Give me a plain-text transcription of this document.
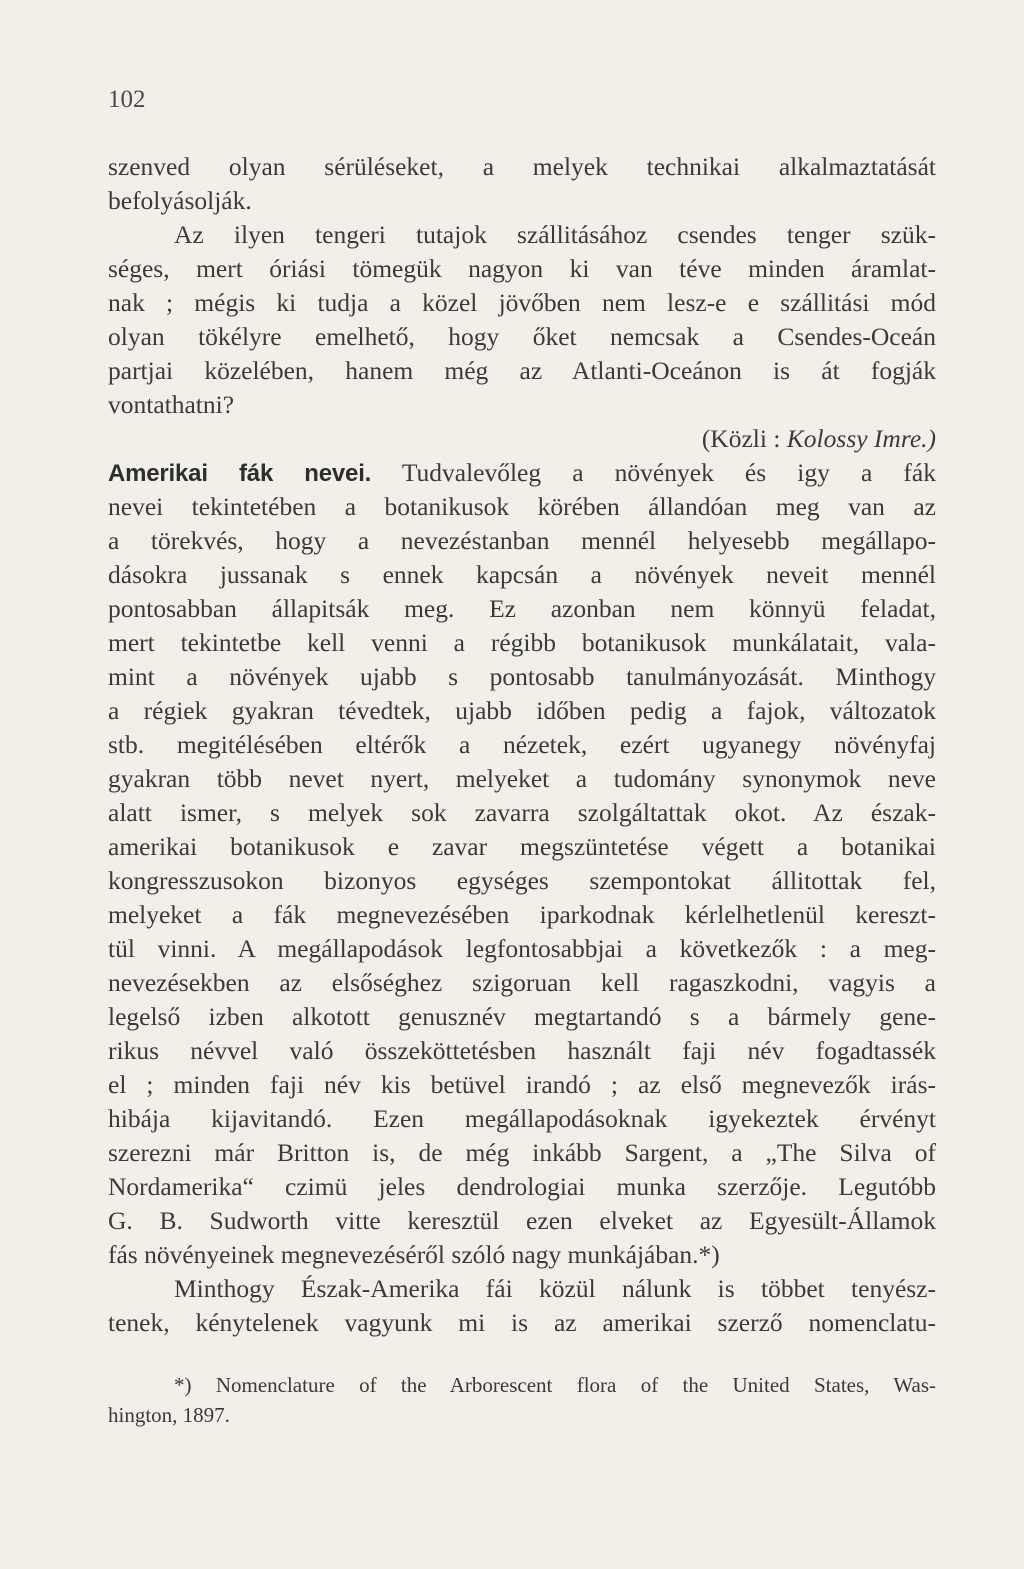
102
szenved olyan sérüléseket, a melyek technikai alkalmaztatását
befolyásolják.
Az ilyen tengeri tutajok szállitásához csendes tenger szük-
séges, mert óriási tömegük nagyon ki van téve minden áramlat-
nak ; mégis ki tudja a közel jövőben nem lesz-e e szállitási mód
olyan tökélyre emelhető, hogy őket nemcsak a Csendes-Oceán
partjai közelében, hanem még az Atlanti-Oceánon is át fogják
vontathatni?
(Közli : Kolossy Imre.)
Amerikai fák nevei. Tudvalevőleg a növények és igy a fák
nevei tekintetében a botanikusok körében állandóan meg van az
a törekvés, hogy a nevezéstanban mennél helyesebb megállapo-
dásokra jussanak s ennek kapcsán a növények neveit mennél
pontosabban állapitsák meg. Ez azonban nem könnyü feladat,
mert tekintetbe kell venni a régibb botanikusok munkálatait, vala-
mint a növények ujabb s pontosabb tanulmányozását. Minthogy
a régiek gyakran tévedtek, ujabb időben pedig a fajok, változatok
stb. megitélésében eltérők a nézetek, ezért ugyanegy növényfaj
gyakran több nevet nyert, melyeket a tudomány synonymok neve
alatt ismer, s melyek sok zavarra szolgáltattak okot. Az észak-
amerikai botanikusok e zavar megszüntetése végett a botanikai
kongresszusokon bizonyos egységes szempontokat állitottak fel,
melyeket a fák megnevezésében iparkodnak kérlelhetlenül kereszt-
tül vinni. A megállapodások legfontosabbjai a következők : a meg-
nevezésekben az elsőséghez szigoruan kell ragaszkodni, vagyis a
legelső izben alkotott genusznév megtartandó s a bármely gene-
rikus névvel való összeköttetésben használt faji név fogadtassék
el ; minden faji név kis betüvel irandó ; az első megnevezők irás-
hibája kijavitandó. Ezen megállapodásoknak igyekeztek érvényt
szerezni már Britton is, de még inkább Sargent, a „The Silva of
Nordamerika“ czimü jeles dendrologiai munka szerzője. Legutóbb
G. B. Sudworth vitte keresztül ezen elveket az Egyesült-Államok
fás növényeinek megnevezéséről szóló nagy munkájában.*)
Minthogy Észak-Amerika fái közül nálunk is többet tenyész-
tenek, kénytelenek vagyunk mi is az amerikai szerző nomenclatu-
*) Nomenclature of the Arborescent flora of the United States, Was-
hington, 1897.
